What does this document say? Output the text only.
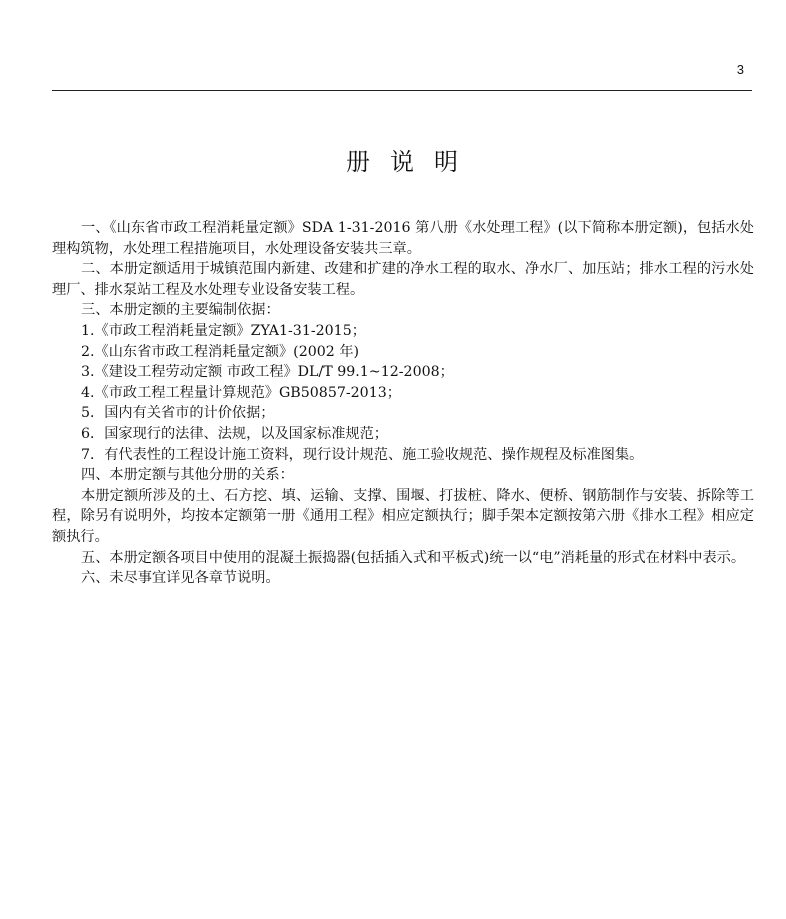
3
册说明

一、《山东省市政工程消耗量定额》SDA 1-31-2016 第八册《水处理工程》(以下简称本册定额)，包括水处理构筑物，水处理工程措施项目，水处理设备安装共三章。

二、本册定额适用于城镇范围内新建、改建和扩建的净水工程的取水、净水厂、加压站；排水工程的污水处理厂、排水泵站工程及水处理专业设备安装工程。

三、本册定额的主要编制依据：

1.《市政工程消耗量定额》ZYA1-31-2015；

2.《山东省市政工程消耗量定额》(2002 年)

3.《建设工程劳动定额 市政工程》DL/T 99.1~12-2008；

4.《市政工程工程量计算规范》GB50857-2013；

5．国内有关省市的计价依据；

6．国家现行的法律、法规，以及国家标准规范；

7．有代表性的工程设计施工资料，现行设计规范、施工验收规范、操作规程及标准图集。

四、本册定额与其他分册的关系：

本册定额所涉及的土、石方挖、填、运输、支撑、围堰、打拔桩、降水、便桥、钢筋制作与安装、拆除等工程，除另有说明外，均按本定额第一册《通用工程》相应定额执行；脚手架本定额按第六册《排水工程》相应定额执行。

五、本册定额各项目中使用的混凝土振捣器(包括插入式和平板式)统一以“电”消耗量的形式在材料中表示。

六、未尽事宜详见各章节说明。
